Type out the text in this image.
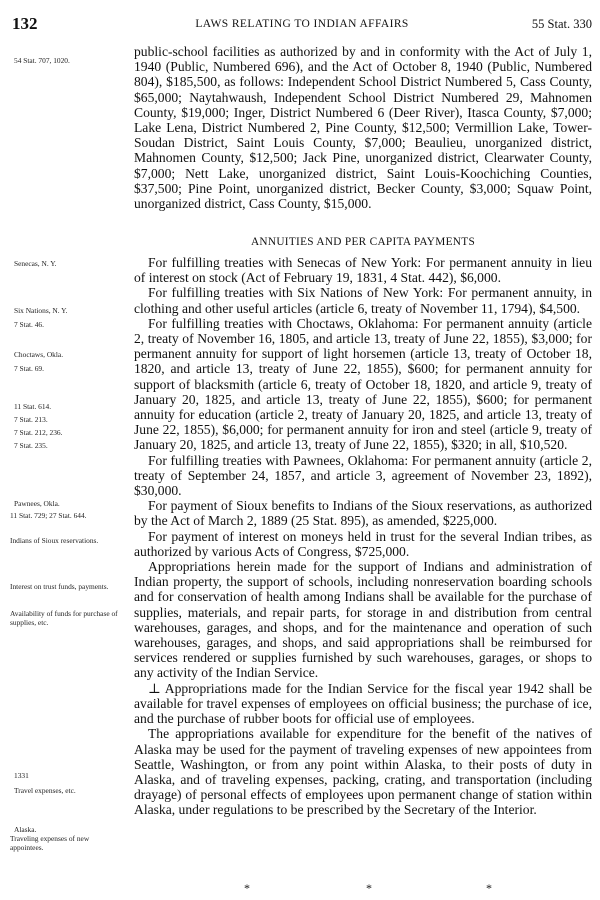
132	LAWS RELATING TO INDIAN AFFAIRS	55 Stat. 330
54 Stat. 707, 1020.
Senecas, N. Y.
Six Nations, N. Y.
7 Stat. 46.
Choctaws, Okla.
7 Stat. 69.
11 Stat. 614.
7 Stat. 213.
7 Stat. 212, 236.
7 Stat. 235.
Pawnees, Okla.
11 Stat. 729; 27 Stat. 644.
Indians of Sioux reservations.
Interest on trust funds, payments.
Availability of funds for purchase of supplies, etc.
1331
Travel expenses, etc.
Alaska.
Traveling expenses of new appointees.

public-school facilities as authorized by and in conformity with the Act of July 1, 1940 (Public, Numbered 696), and the Act of October 8, 1940 (Public, Numbered 804), $185,500, as follows: Independent School District Numbered 5, Cass County, $65,000; Naytahwaush, Independent School District Numbered 29, Mahnomen County, $19,000; Inger, District Numbered 6 (Deer River), Itasca County, $7,000; Lake Lena, District Numbered 2, Pine County, $12,500; Vermillion Lake, Tower-Soudan District, Saint Louis County, $7,000; Beaulieu, unorganized district, Mahnomen County, $12,500; Jack Pine, unorganized district, Clearwater County, $7,000; Nett Lake, unorganized district, Saint Louis-Koochiching Counties, $37,500; Pine Point, unorganized district, Becker County, $3,000; Squaw Point, unorganized district, Cass County, $15,000.

ANNUITIES AND PER CAPITA PAYMENTS

For fulfilling treaties with Senecas of New York: For permanent annuity in lieu of interest on stock (Act of February 19, 1831, 4 Stat. 442), $6,000.

For fulfilling treaties with Six Nations of New York: For permanent annuity, in clothing and other useful articles (article 6, treaty of November 11, 1794), $4,500.

For fulfilling treaties with Choctaws, Oklahoma: For permanent annuity (article 2, treaty of November 16, 1805, and article 13, treaty of June 22, 1855), $3,000; for permanent annuity for support of light horsemen (article 13, treaty of October 18, 1820, and article 13, treaty of June 22, 1855), $600; for permanent annuity for support of blacksmith (article 6, treaty of October 18, 1820, and article 9, treaty of January 20, 1825, and article 13, treaty of June 22, 1855), $600; for permanent annuity for education (article 2, treaty of January 20, 1825, and article 13, treaty of June 22, 1855), $6,000; for permanent annuity for iron and steel (article 9, treaty of January 20, 1825, and article 13, treaty of June 22, 1855), $320; in all, $10,520.

For fulfilling treaties with Pawnees, Oklahoma: For permanent annuity (article 2, treaty of September 24, 1857, and article 3, agreement of November 23, 1892), $30,000.

For payment of Sioux benefits to Indians of the Sioux reservations, as authorized by the Act of March 2, 1889 (25 Stat. 895), as amended, $225,000.

For payment of interest on moneys held in trust for the several Indian tribes, as authorized by various Acts of Congress, $725,000.

Appropriations herein made for the support of Indians and administration of Indian property, the support of schools, including nonreservation boarding schools and for conservation of health among Indians shall be available for the purchase of supplies, materials, and repair parts, for storage in and distribution from central warehouses, garages, and shops, and for the maintenance and operation of such warehouses, garages, and shops, and said appropriations shall be reimbursed for services rendered or supplies furnished by such warehouses, garages, or shops to any activity of the Indian Service.

⊥ Appropriations made for the Indian Service for the fiscal year 1942 shall be available for travel expenses of employees on official business; the purchase of ice, and the purchase of rubber boots for official use of employees.

The appropriations available for expenditure for the benefit of the natives of Alaska may be used for the payment of traveling expenses of new appointees from Seattle, Washington, or from any point within Alaska, to their posts of duty in Alaska, and of traveling expenses, packing, crating, and transportation (including drayage) of personal effects of employees upon permanent change of station within Alaska, under regulations to be prescribed by the Secretary of the Interior.

*	*	*
